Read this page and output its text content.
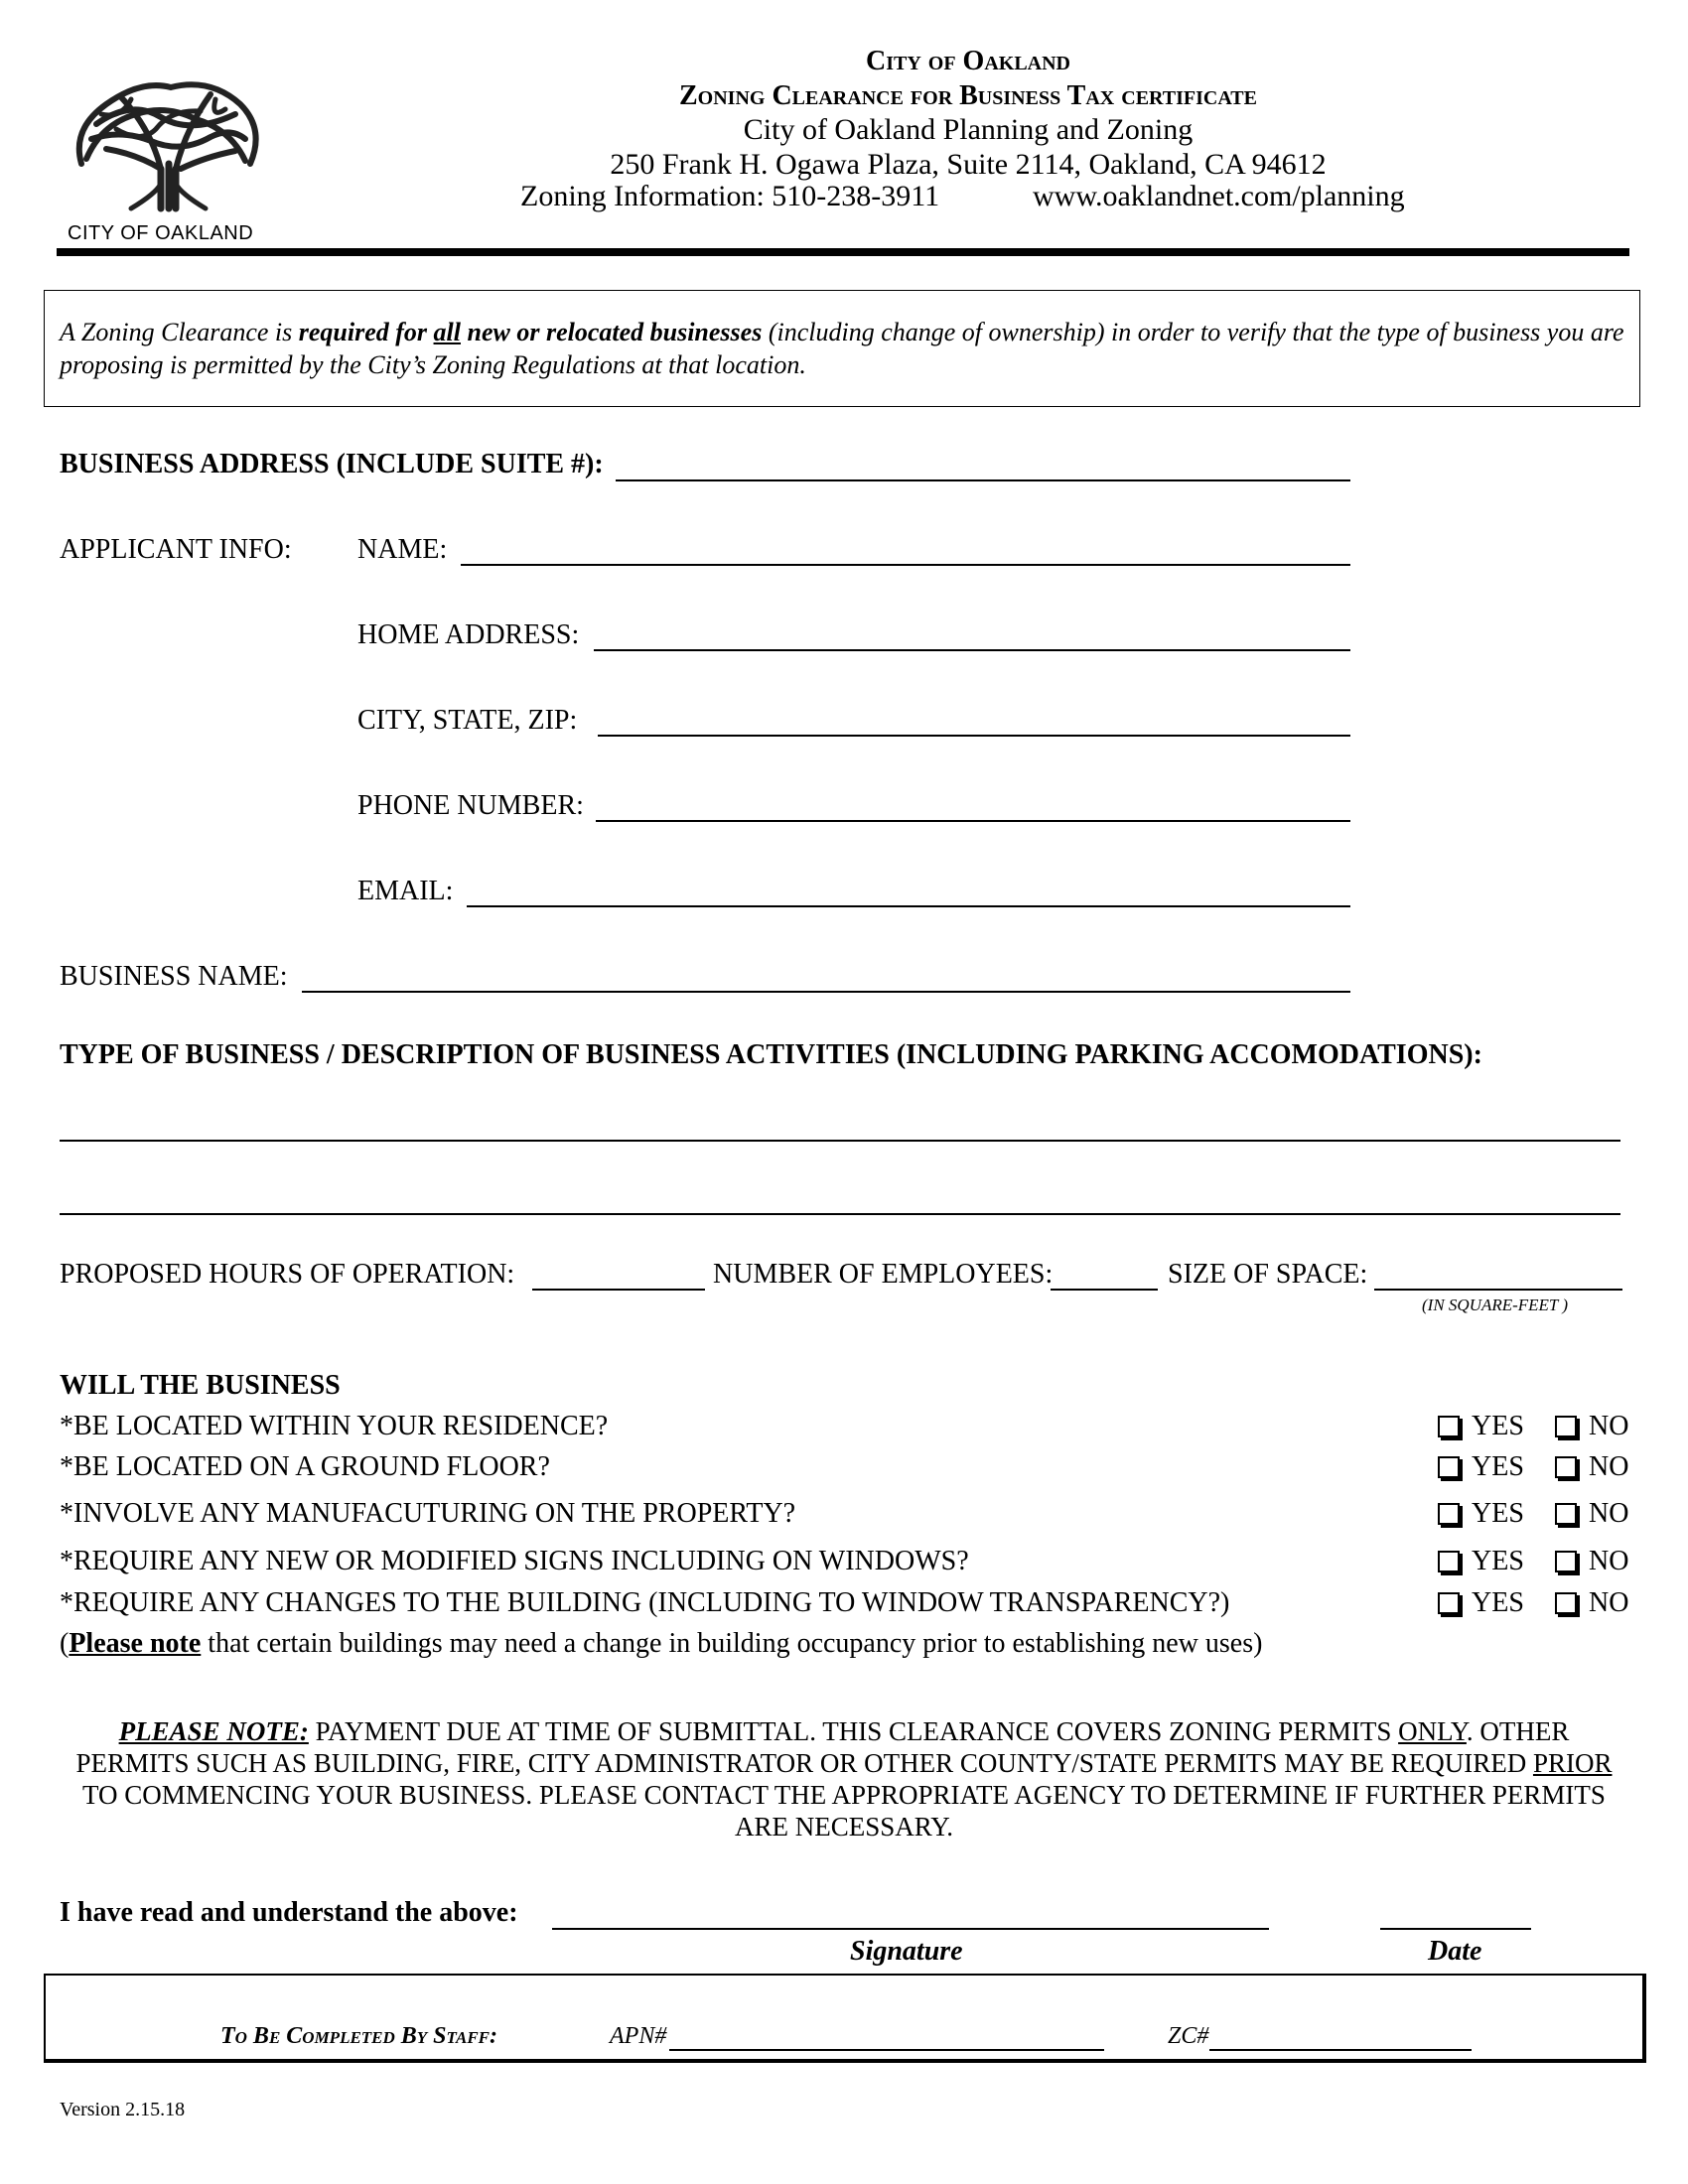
CITY OF OAKLAND
City of Oakland
Zoning Clearance for Business Tax certificate
City of Oakland Planning and Zoning
250 Frank H. Ogawa Plaza, Suite 2114, Oakland, CA 94612
Zoning Information: 510-238-3911	www.oaklandnet.com/planning
A Zoning Clearance is required for all new or relocated businesses (including change of ownership) in order to verify that the type of business you are proposing is permitted by the City’s Zoning Regulations at that location.
BUSINESS ADDRESS (INCLUDE SUITE #):
APPLICANT INFO: NAME:
HOME ADDRESS:
CITY, STATE, ZIP:
PHONE NUMBER:
EMAIL:
BUSINESS NAME:
TYPE OF BUSINESS / DESCRIPTION OF BUSINESS ACTIVITIES (INCLUDING PARKING ACCOMODATIONS):
PROPOSED HOURS OF OPERATION:	NUMBER OF EMPLOYEES:	SIZE OF SPACE:
(IN SQUARE-FEET )
WILL THE BUSINESS
*BE LOCATED WITHIN YOUR RESIDENCE?	YES	NO
*BE LOCATED ON A GROUND FLOOR?	YES	NO
*INVOLVE ANY MANUFACUTURING ON THE PROPERTY?	YES	NO
*REQUIRE ANY NEW OR MODIFIED SIGNS INCLUDING ON WINDOWS?	YES	NO
*REQUIRE ANY CHANGES TO THE BUILDING (INCLUDING TO WINDOW TRANSPARENCY?)	YES	NO
(Please note that certain buildings may need a change in building occupancy prior to establishing new uses)
PLEASE NOTE: PAYMENT DUE AT TIME OF SUBMITTAL. THIS CLEARANCE COVERS ZONING PERMITS ONLY. OTHER PERMITS SUCH AS BUILDING, FIRE, CITY ADMINISTRATOR OR OTHER COUNTY/STATE PERMITS MAY BE REQUIRED PRIOR TO COMMENCING YOUR BUSINESS. PLEASE CONTACT THE APPROPRIATE AGENCY TO DETERMINE IF FURTHER PERMITS ARE NECESSARY.
I have read and understand the above:
Signature	Date
To Be Completed By Staff:	APN#	ZC#
Version 2.15.18
